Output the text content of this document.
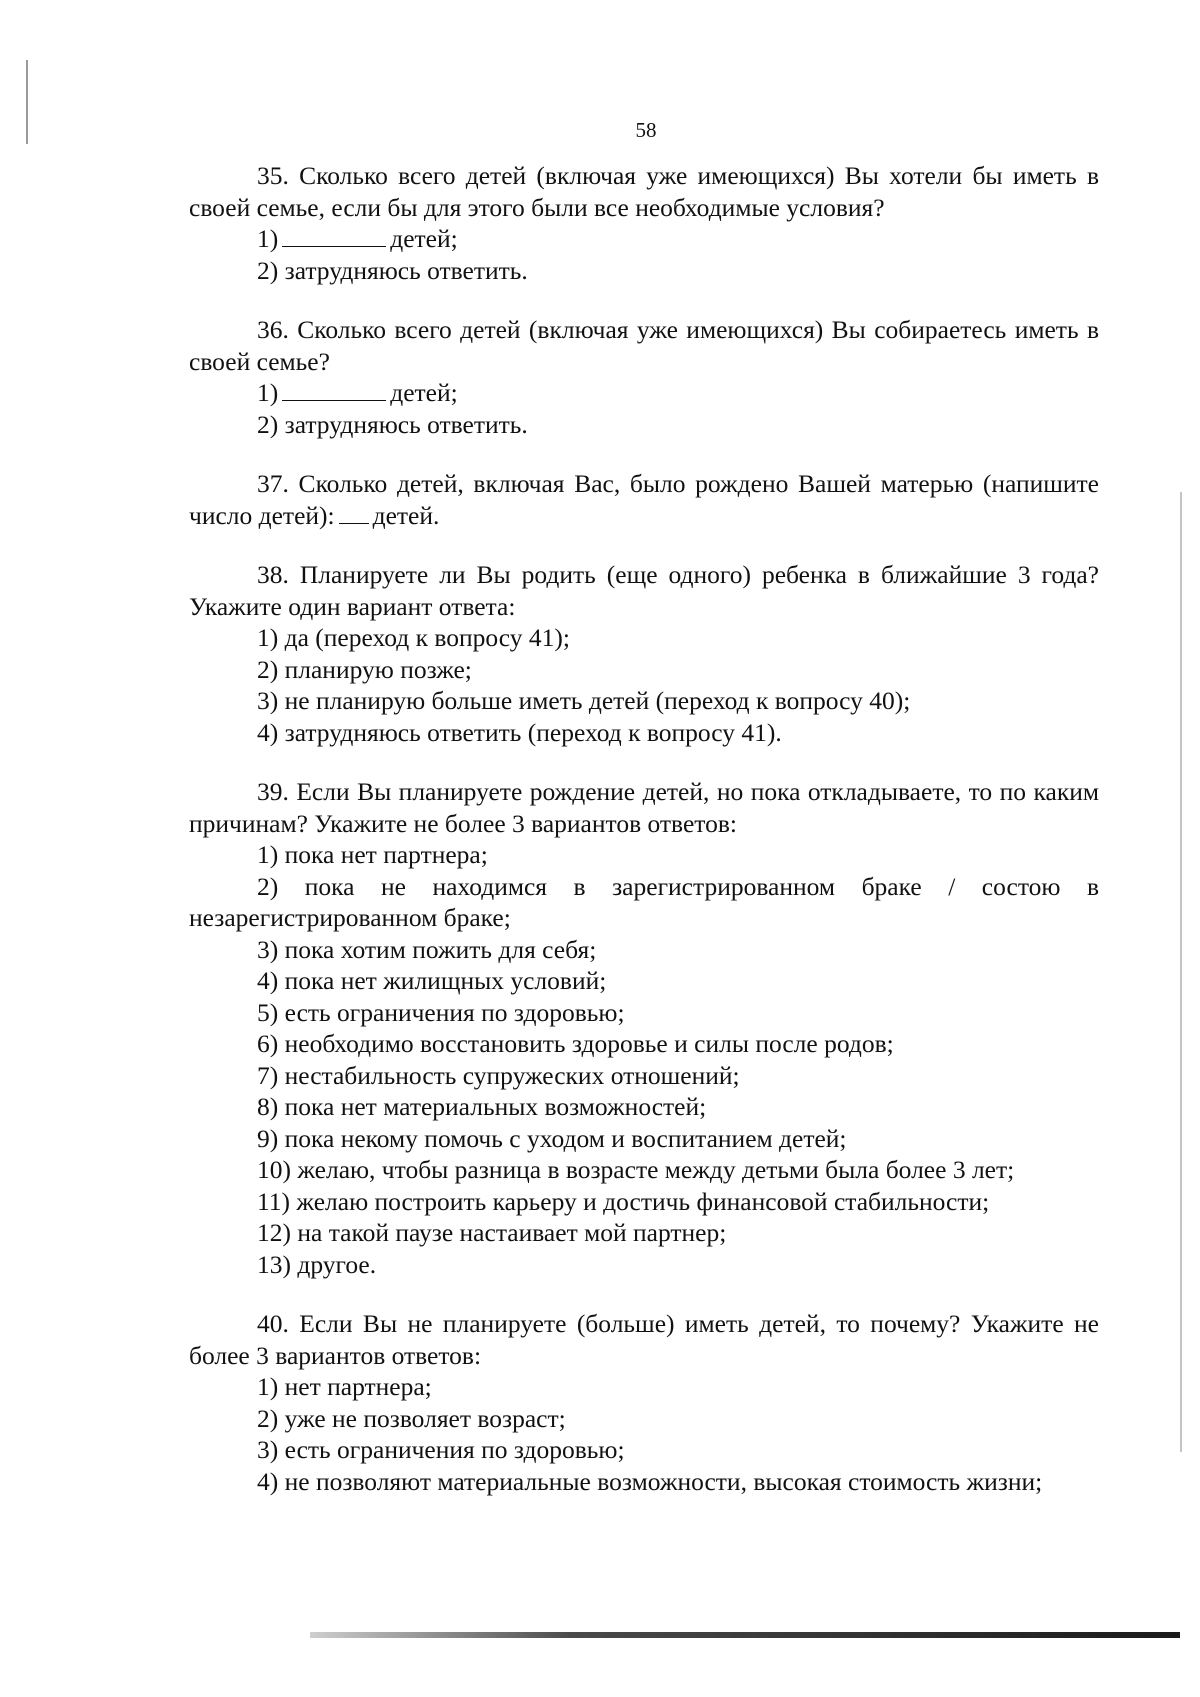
58

35. Сколько всего детей (включая уже имеющихся) Вы хотели бы иметь в своей семье, если бы для этого были все необходимые условия?

1)	детей;

2) затрудняюсь ответить.

36. Сколько всего детей (включая уже имеющихся) Вы собираетесь иметь в своей семье?

1)	детей;

2) затрудняюсь ответить.

37. Сколько детей, включая Вас, было рождено Вашей матерью (напишите число детей): детей.

38. Планируете ли Вы родить (еще одного) ребенка в ближайшие 3 года? Укажите один вариант ответа:

1) да (переход к вопросу 41);

2) планирую позже;

3) не планирую больше иметь детей (переход к вопросу 40);

4) затрудняюсь ответить (переход к вопросу 41).

39. Если Вы планируете рождение детей, но пока откладываете, то по каким причинам? Укажите не более 3 вариантов ответов:

1) пока нет партнера;

2) пока не находимся в зарегистрированном браке / состою в незарегистрированном браке;

3) пока хотим пожить для себя;

4) пока нет жилищных условий;

5) есть ограничения по здоровью;

6) необходимо восстановить здоровье и силы после родов;

7) нестабильность супружеских отношений;

8) пока нет материальных возможностей;

9) пока некому помочь с уходом и воспитанием детей;

10) желаю, чтобы разница в возрасте между детьми была более 3 лет;

11) желаю построить карьеру и достичь финансовой стабильности;

12) на такой паузе настаивает мой партнер;

13) другое.

40. Если Вы не планируете (больше) иметь детей, то почему? Укажите не более 3 вариантов ответов:

1) нет партнера;

2) уже не позволяет возраст;

3) есть ограничения по здоровью;

4) не позволяют материальные возможности, высокая стоимость жизни;
